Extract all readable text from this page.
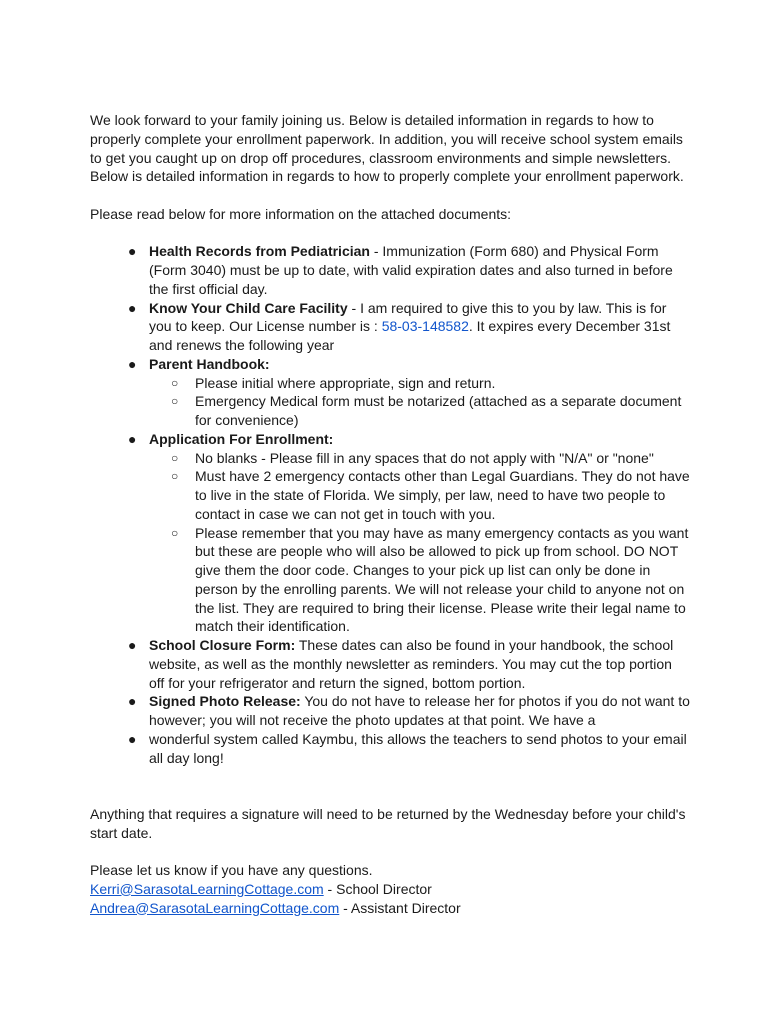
We look forward to your family joining us. Below is detailed information in regards to how to properly complete your enrollment paperwork. In addition, you will receive school system emails to get you caught up on drop off procedures, classroom environments and simple newsletters. Below is detailed information in regards to how to properly complete your enrollment paperwork.

Please read below for more information on the attached documents:

● Health Records from Pediatrician - Immunization (Form 680) and Physical Form (Form 3040) must be up to date, with valid expiration dates and also turned in before the first official day.
● Know Your Child Care Facility - I am required to give this to you by law. This is for you to keep. Our License number is : 58-03-148582. It expires every December 31st and renews the following year
● Parent Handbook:
○ Please initial where appropriate, sign and return.
○ Emergency Medical form must be notarized (attached as a separate document for convenience)
● Application For Enrollment:
○ No blanks - Please fill in any spaces that do not apply with "N/A" or "none"
○ Must have 2 emergency contacts other than Legal Guardians. They do not have to live in the state of Florida. We simply, per law, need to have two people to contact in case we can not get in touch with you.
○ Please remember that you may have as many emergency contacts as you want but these are people who will also be allowed to pick up from school. DO NOT give them the door code. Changes to your pick up list can only be done in person by the enrolling parents. We will not release your child to anyone not on the list. They are required to bring their license. Please write their legal name to match their identification.
● School Closure Form: These dates can also be found in your handbook, the school website, as well as the monthly newsletter as reminders. You may cut the top portion off for your refrigerator and return the signed, bottom portion.
● Signed Photo Release: You do not have to release her for photos if you do not want to however; you will not receive the photo updates at that point. We have a
● wonderful system called Kaymbu, this allows the teachers to send photos to your email all day long!

Anything that requires a signature will need to be returned by the Wednesday before your child's start date.

Please let us know if you have any questions.

Kerri@SarasotaLearningCottage.com - School Director

Andrea@SarasotaLearningCottage.com - Assistant Director
